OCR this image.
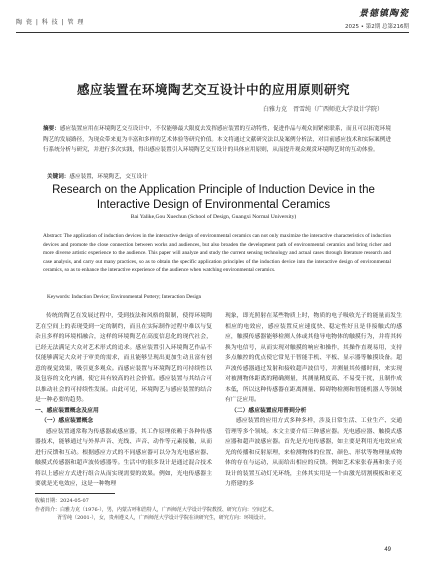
陶 瓷 | 科 技 | 管 理
景德镇陶瓷
2025 • 第2期 总第216期
感应装置在环境陶艺交互设计中的应用原则研究
白雅力克　胥雪纯（广西师范大学设计学院）
摘要：感应装置应用在环境陶艺交互设计中，不仅能够最大限度去发挥感应装置的互动特性，促进作品与观众间紧密联系，而且可以拓宽环境陶艺的发展路径，为现众带来更为丰富和多样的艺术体验等研究价值。本文将通过文献研究法以及案例分析法，对目前感应技术和实际案例进行系统分析与研究，并进行多次实践，得出感应装置引入环境陶艺交互设计的具体应用原则，从而提升观众观赏环境陶艺时的互动体验。
关键词：感应装置，环境陶艺，交互设计
Research on the Application Principle of Induction Device in the
Interactive Design of Environmental Ceramics
Bai Yalike,Gou Xuechun (School of Design, Guangxi Normal University)
Abstract: The application of induction devices in the interactive design of environmental ceramics can not only maximize the interactive characteristics of induction devices and promote the close connection between works and audiences, but also broaden the development path of environmental ceramics and bring richer and more diverse artistic experience to the audience. This paper will analyze and study the current sensing technology and actual cases through literature research and case analysis, and carry out many practices, so as to obtain the specific application principles of the induction device into the interactive design of environmental ceramics, so as to enhance the interactive experience of the audience when watching environmental ceramics.
Keywords: Induction Device; Environmental Pottery; Interaction Design

传统的陶艺在发展过程中，受到技法和风格的限制，使得环境陶艺在空间上的表现受到一定的制约，而且在实际制作过程中难以与复杂且多样的环境相融合，这样的环境陶艺在高度信息化的现代社会，已经无法满足大众对艺术形式的追求。感应装置引入环境陶艺作品不仅能够满足大众对于审美的需求，而且能够呈现出更加生动且富有创意的视觉效果，吸引更多观众。而感应装置与环境陶艺的可持续性以及包容的文化内涵，使它具有较高的社会价值。感应装置与其结合可以推动社会的可持续性发展。由此可见，环境陶艺与感应装置的结合是一种必要的趋势。

一、感应装置概念及应用

（一）感应装置概念

感应装置通常称为传感器或感应器，其工作原理依赖于各种传感器技术，能够通过与外界声音、光线、声音、动作等元素接触，从而进行反馈和互动。根据感应方式的不同感应器可以分为光电感应器、触摸式传感器和超声波传感器等。生活中的很多设计是通过混合技术将以上感应方式进行组合从而实现需要的效果。例如，光电传感器主要就是光电效应，这是一种物理

现象，即光照射在某些物质上时，物质的电子吸收光子的能量而发生相应的电效应，感应装置反应速度快、稳定性好且是非接触式的感应，触摸传感器能够检测人体或其他导电物体的触摸行为，并将其转换为电信号，从而实现对触摸的响应和操作，其操作直观易用，支持多点触控的优点使它常见于智能手机、平板、显示器等触摸设备。超声波传感器通过发射和接收超声波信号，并测量其传播时间，来实现对被测物体距离的精确测量，其测量精度高、不易受干扰，且制作成本低，所以这种传感器在距离测量、障碍物检测和智能机器人等领域有广泛应用。

（二）感应装置应用普到分析

感应装置的应用方式多种多样，涉及日常生活、工业生产、交通管理等多个领域。本文主要介绍三种感应器。光电感应器、触摸式感应器和超声波感应器。首先是光电传感器，如主要是利用光电效应成光的传播和反射原理，来检测物体的位置、颜色、形状等物理量成物体的存在与运动，从而给出相应的反馈。例如艺术家张春燕和张子亮设计的装置互动灯光环绕，主体其实用是一个由激光切割模板和亚克力搭建的多

收稿日期：2024-05-07
作者简介：白雅力克（1976-），男，内蒙古呼和浩特人，广西师范大学设计学院教授、研究方向：空间艺术。
胥雪纯（2001-），女，贵州遵义人，广西师范大学设计学院在读研究生，研究方向：环境设计。
49
